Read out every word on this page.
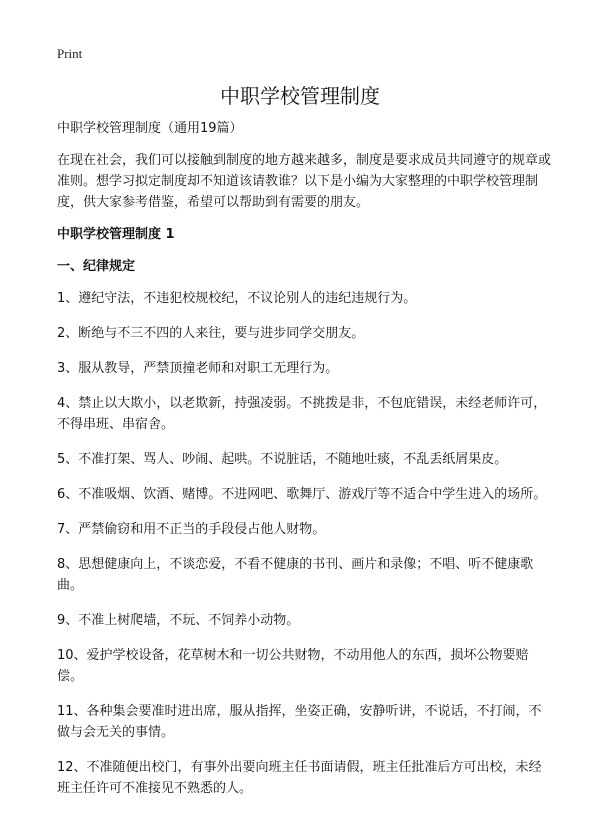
Print
中职学校管理制度

中职学校管理制度（通用19篇）

在现在社会，我们可以接触到制度的地方越来越多，制度是要求成员共同遵守的规章或准则。想学习拟定制度却不知道该请教谁？以下是小编为大家整理的中职学校管理制度，供大家参考借鉴，希望可以帮助到有需要的朋友。

中职学校管理制度 1

一、纪律规定

1、遵纪守法，不违犯校规校纪，不议论别人的违纪违规行为。
2、断绝与不三不四的人来往，要与进步同学交朋友。
3、服从教导，严禁顶撞老师和对职工无理行为。
4、禁止以大欺小，以老欺新，持强凌弱。不挑拨是非，不包庇错误，未经老师许可，不得串班、串宿舍。
5、不准打架、骂人、吵闹、起哄。不说脏话，不随地吐痰，不乱丢纸屑果皮。
6、不准吸烟、饮酒、赌博。不进网吧、歌舞厅、游戏厅等不适合中学生进入的场所。
7、严禁偷窃和用不正当的手段侵占他人财物。
8、思想健康向上，不谈恋爱，不看不健康的书刊、画片和录像；不唱、听不健康歌曲。
9、不准上树爬墙，不玩、不饲养小动物。
10、爱护学校设备，花草树木和一切公共财物，不动用他人的东西，损坏公物要赔偿。
11、各种集会要准时进出席，服从指挥，坐姿正确，安静听讲，不说话，不打闹，不做与会无关的事情。
12、不准随便出校门，有事外出要向班主任书面请假，班主任批准后方可出校，未经班主任许可不准接见不熟悉的人。
